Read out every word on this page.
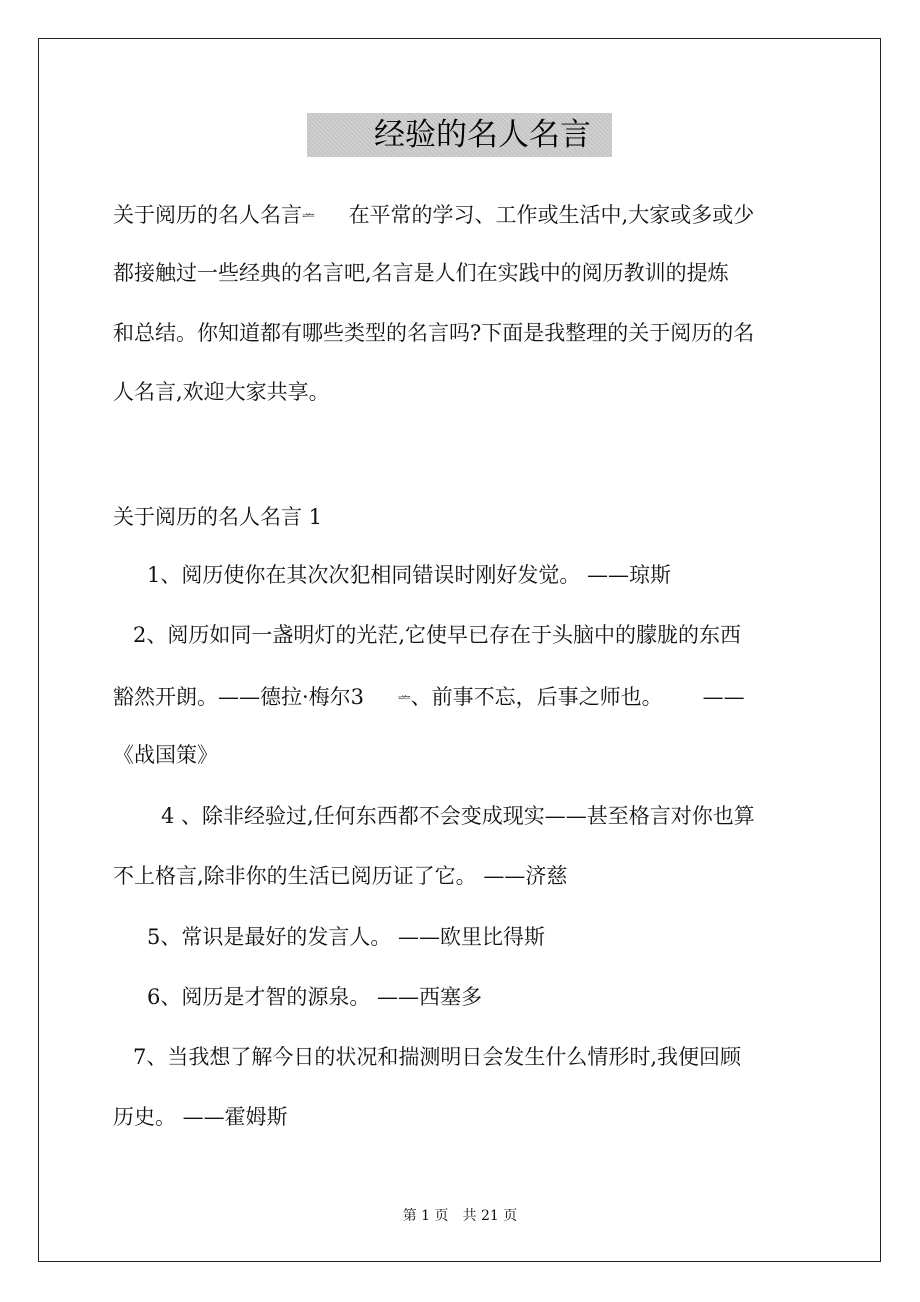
经验的名人名言
关于阅历的名人名言ᆇ 在平常的学习、工作或生活中,大家或多或少
都接触过一些经典的名言吧,名言是人们在实践中的阅历教训的提炼
和总结。你知道都有哪些类型的名言吗?下面是我整理的关于阅历的名
人名言,欢迎大家共享。
关于阅历的名人名言 1
1、阅历使你在其次次犯相同错误时刚好发觉。 ——琼斯
2、阅历如同一盏明灯的光茫,它使早已存在于头脑中的朦胧的东西
豁然开朗。——德拉·梅尔3	ᆇ、前事不忘，后事之师也。 ——
《战国策》
4 、除非经验过,任何东西都不会变成现实——甚至格言对你也算
不上格言,除非你的生活已阅历证了它。 ——济慈
5、常识是最好的发言人。 ——欧里比得斯
6、阅历是才智的源泉。 ——西塞多
7、当我想了解今日的状况和揣测明日会发生什么情形时,我便回顾
历史。 ——霍姆斯
第 1 页 共 21 页
